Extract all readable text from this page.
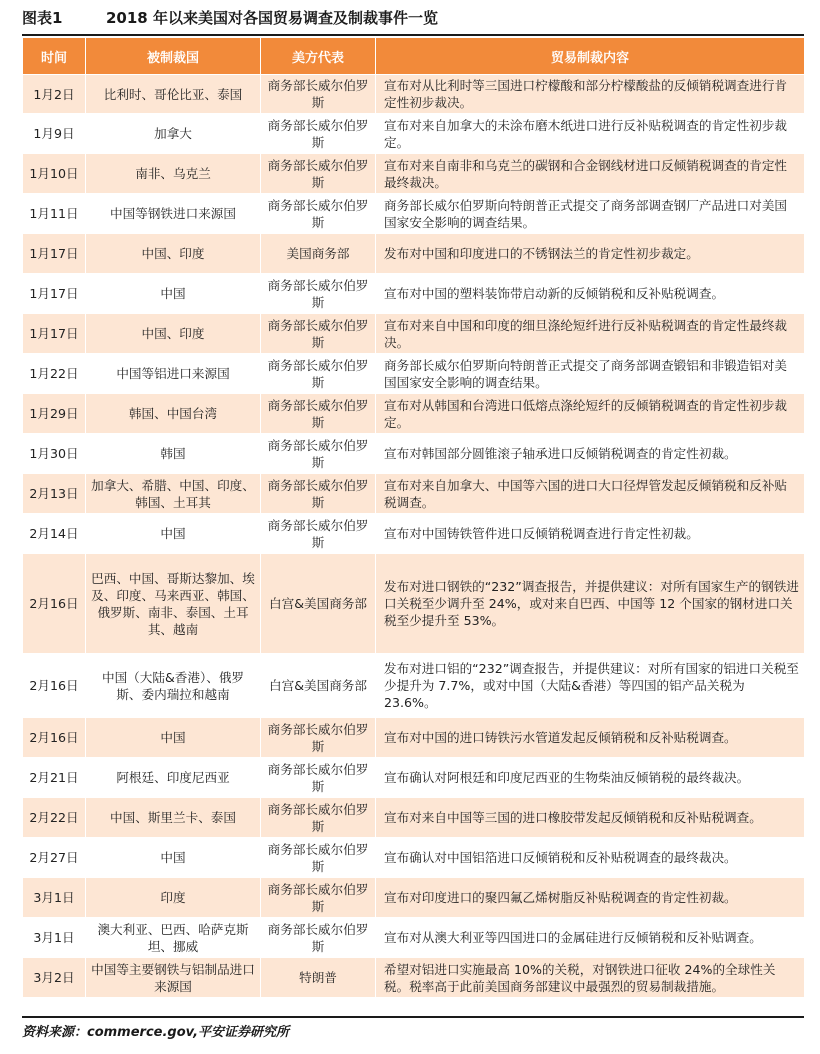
图表1	2018 年以来美国对各国贸易调查及制裁事件一览
时间	被制裁国	美方代表	贸易制裁内容
1月2日	比利时、哥伦比亚、泰国	商务部长威尔伯罗斯	宣布对从比利时等三国进口柠檬酸和部分柠檬酸盐的反倾销税调查进行肯定性初步裁决。
1月9日	加拿大	商务部长威尔伯罗斯	宣布对来自加拿大的未涂布磨木纸进口进行反补贴税调查的肯定性初步裁定。
1月10日	南非、乌克兰	商务部长威尔伯罗斯	宣布对来自南非和乌克兰的碳钢和合金钢线材进口反倾销税调查的肯定性最终裁决。
1月11日	中国等钢铁进口来源国	商务部长威尔伯罗斯	商务部长威尔伯罗斯向特朗普正式提交了商务部调查钢厂产品进口对美国国家安全影响的调查结果。
1月17日	中国、印度	美国商务部	发布对中国和印度进口的不锈钢法兰的肯定性初步裁定。
1月17日	中国	商务部长威尔伯罗斯	宣布对中国的塑料装饰带启动新的反倾销税和反补贴税调查。
1月17日	中国、印度	商务部长威尔伯罗斯	宣布对来自中国和印度的细旦涤纶短纤进行反补贴税调查的肯定性最终裁决。
1月22日	中国等铝进口来源国	商务部长威尔伯罗斯	商务部长威尔伯罗斯向特朗普正式提交了商务部调查锻铝和非锻造铝对美国国家安全影响的调查结果。
1月29日	韩国、中国台湾	商务部长威尔伯罗斯	宣布对从韩国和台湾进口低熔点涤纶短纤的反倾销税调查的肯定性初步裁定。
1月30日	韩国	商务部长威尔伯罗斯	宣布对韩国部分圆锥滚子轴承进口反倾销税调查的肯定性初裁。
2月13日	加拿大、希腊、中国、印度、韩国、土耳其	商务部长威尔伯罗斯	宣布对来自加拿大、中国等六国的进口大口径焊管发起反倾销税和反补贴税调查。
2月14日	中国	商务部长威尔伯罗斯	宣布对中国铸铁管件进口反倾销税调查进行肯定性初裁。
2月16日	巴西、中国、哥斯达黎加、埃及、印度、马来西亚、韩国、俄罗斯、南非、泰国、土耳其、越南	白宫&美国商务部	发布对进口钢铁的“232”调查报告，并提供建议：对所有国家生产的钢铁进口关税至少调升至 24%，或对来自巴西、中国等 12 个国家的钢材进口关税至少提升至 53%。
2月16日	中国（大陆&香港）、俄罗斯、委内瑞拉和越南	白宫&美国商务部	发布对进口铝的“232”调查报告，并提供建议：对所有国家的铝进口关税至少提升为 7.7%，或对中国（大陆&香港）等四国的铝产品关税为 23.6%。
2月16日	中国	商务部长威尔伯罗斯	宣布对中国的进口铸铁污水管道发起反倾销税和反补贴税调查。
2月21日	阿根廷、印度尼西亚	商务部长威尔伯罗斯	宣布确认对阿根廷和印度尼西亚的生物柴油反倾销税的最终裁决。
2月22日	中国、斯里兰卡、泰国	商务部长威尔伯罗斯	宣布对来自中国等三国的进口橡胶带发起反倾销税和反补贴税调查。
2月27日	中国	商务部长威尔伯罗斯	宣布确认对中国铝箔进口反倾销税和反补贴税调查的最终裁决。
3月1日	印度	商务部长威尔伯罗斯	宣布对印度进口的聚四氟乙烯树脂反补贴税调查的肯定性初裁。
3月1日	澳大利亚、巴西、哈萨克斯坦、挪威	商务部长威尔伯罗斯	宣布对从澳大利亚等四国进口的金属硅进行反倾销税和反补贴调查。
3月2日	中国等主要钢铁与铝制品进口来源国	特朗普	希望对铝进口实施最高 10%的关税，对钢铁进口征收 24%的全球性关税。税率高于此前美国商务部建议中最强烈的贸易制裁措施。
资料来源：commerce.gov,平安证券研究所
